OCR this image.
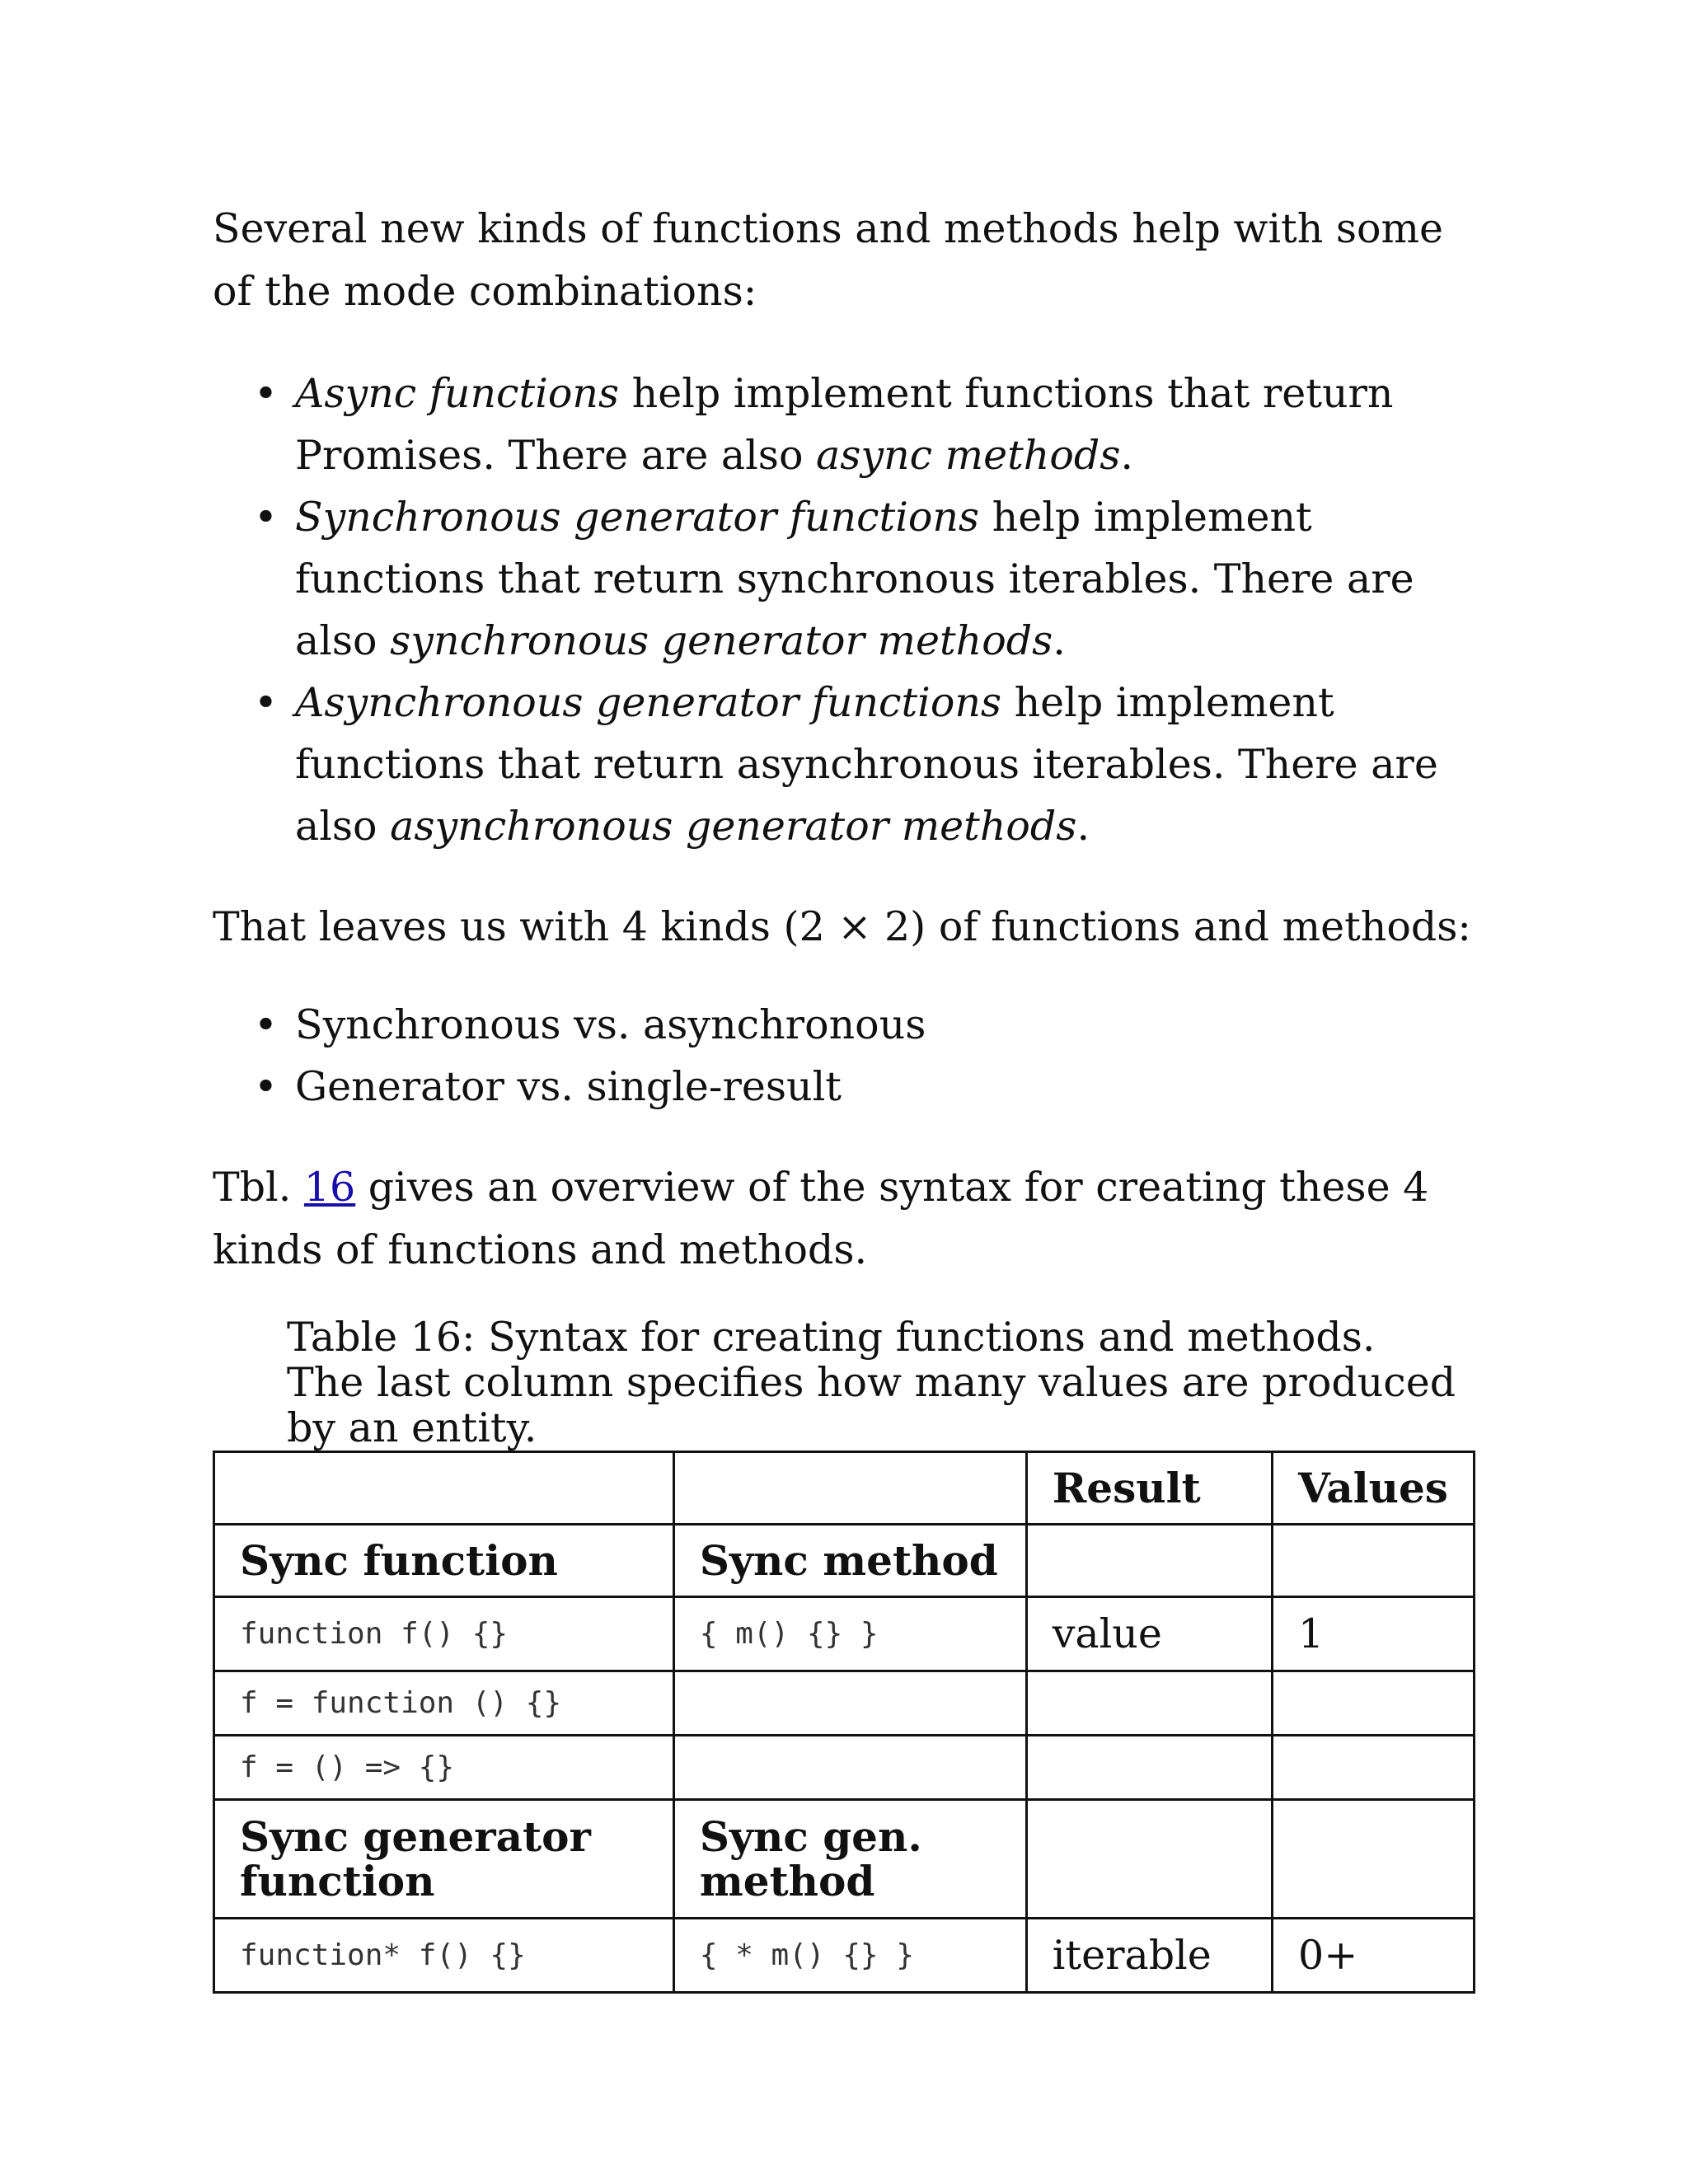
Several new kinds of functions and methods help with some of the mode combinations:

• Async functions help implement functions that return Promises. There are also async methods.
• Synchronous generator functions help implement functions that return synchronous iterables. There are also synchronous generator methods.
• Asynchronous generator functions help implement functions that return asynchronous iterables. There are also asynchronous generator methods.

That leaves us with 4 kinds (2 × 2) of functions and methods:

• Synchronous vs. asynchronous
• Generator vs. single-result

Tbl. 16 gives an overview of the syntax for creating these 4 kinds of functions and methods.

Table 16: Syntax for creating functions and methods. The last column specifies how many values are produced by an entity.
		Result	Values
Sync function	Sync method		
function f() {}	{ m() {} }	value	1
f = function () {}			
f = () => {}			
Sync generator function	Sync gen. method		
function* f() {}	{ * m() {} }	iterable	0+
